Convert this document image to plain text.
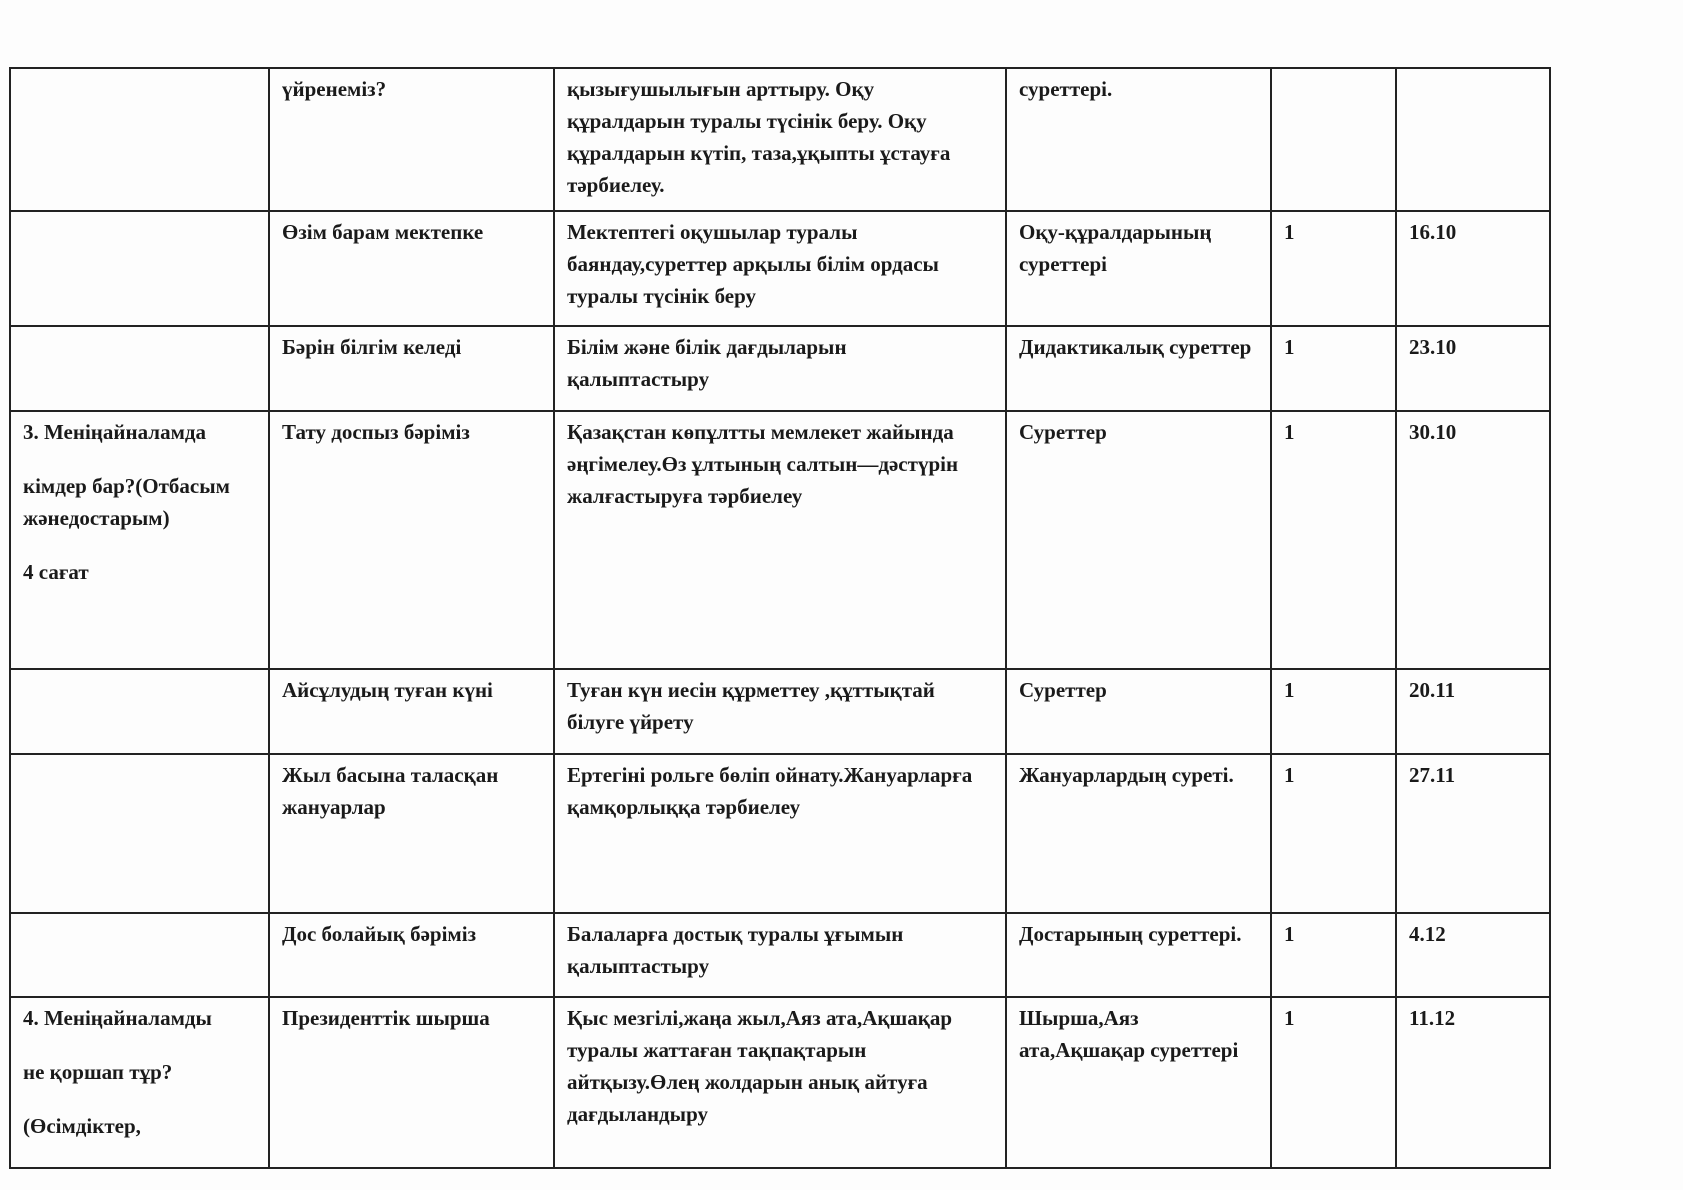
	үйренеміз?	қызығушылығын арттыру. Оқу құралдарын туралы түсінік беру. Оқу құралдарын күтіп, таза,ұқыпты ұстауға тәрбиелеу.	суреттері.		
	Өзім барам мектепке	Мектептегі оқушылар туралы баяндау,суреттер арқылы білім ордасы туралы түсінік беру	Оқу-құралдарының суреттері	1	16.10
	Бәрін білгім келеді	Білім және білік дағдыларын қалыптастыру	Дидактикалық суреттер	1	23.10

3. Меніңайналамда

кімдер бар?(Отбасым жәнедостарым)

4 сағат	Тату доспыз бәріміз	Қазақстан көпұлтты мемлекет жайында әңгімелеу.Өз ұлтының салтын—дәстүрін жалғастыруға тәрбиелеу	Суреттер	1	30.10
	Айсұлудың туған күні	Туған күн иесін құрметтеу ,құттықтай білуге үйрету	Суреттер	1	20.11
	Жыл басына таласқан жануарлар	Ертегіні рольге бөліп ойнату.Жануарларға қамқорлыққа тәрбиелеу	Жануарлардың суреті.	1	27.11
	Дос болайық бәріміз	Балаларға достық туралы ұғымын қалыптастыру	Достарының суреттері.	1	4.12

4. Меніңайналамды

не қоршап тұр?

(Өсімдіктер,	Президенттік шырша	Қыс мезгілі,жаңа жыл,Аяз ата,Ақшақар туралы жаттаған тақпақтарын айтқызу.Өлең жолдарын анық айтуға дағдыландыру	Шырша,Аяз ата,Ақшақар суреттері	1	11.12
